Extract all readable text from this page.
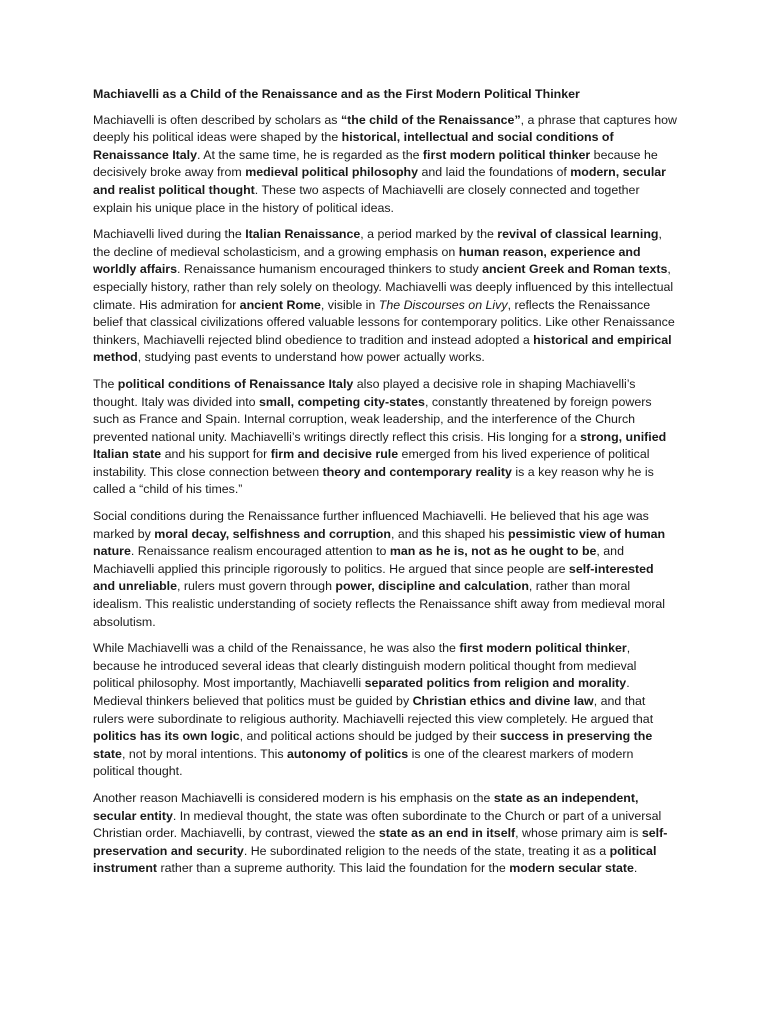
Machiavelli as a Child of the Renaissance and as the First Modern Political Thinker

Machiavelli is often described by scholars as “the child of the Renaissance”, a phrase that captures how deeply his political ideas were shaped by the historical, intellectual and social conditions of Renaissance Italy. At the same time, he is regarded as the first modern political thinker because he decisively broke away from medieval political philosophy and laid the foundations of modern, secular and realist political thought. These two aspects of Machiavelli are closely connected and together explain his unique place in the history of political ideas.

Machiavelli lived during the Italian Renaissance, a period marked by the revival of classical learning, the decline of medieval scholasticism, and a growing emphasis on human reason, experience and worldly affairs. Renaissance humanism encouraged thinkers to study ancient Greek and Roman texts, especially history, rather than rely solely on theology. Machiavelli was deeply influenced by this intellectual climate. His admiration for ancient Rome, visible in The Discourses on Livy, reflects the Renaissance belief that classical civilizations offered valuable lessons for contemporary politics. Like other Renaissance thinkers, Machiavelli rejected blind obedience to tradition and instead adopted a historical and empirical method, studying past events to understand how power actually works.

The political conditions of Renaissance Italy also played a decisive role in shaping Machiavelli’s thought. Italy was divided into small, competing city-states, constantly threatened by foreign powers such as France and Spain. Internal corruption, weak leadership, and the interference of the Church prevented national unity. Machiavelli’s writings directly reflect this crisis. His longing for a strong, unified Italian state and his support for firm and decisive rule emerged from his lived experience of political instability. This close connection between theory and contemporary reality is a key reason why he is called a “child of his times.”

Social conditions during the Renaissance further influenced Machiavelli. He believed that his age was marked by moral decay, selfishness and corruption, and this shaped his pessimistic view of human nature. Renaissance realism encouraged attention to man as he is, not as he ought to be, and Machiavelli applied this principle rigorously to politics. He argued that since people are self-interested and unreliable, rulers must govern through power, discipline and calculation, rather than moral idealism. This realistic understanding of society reflects the Renaissance shift away from medieval moral absolutism.

While Machiavelli was a child of the Renaissance, he was also the first modern political thinker, because he introduced several ideas that clearly distinguish modern political thought from medieval political philosophy. Most importantly, Machiavelli separated politics from religion and morality. Medieval thinkers believed that politics must be guided by Christian ethics and divine law, and that rulers were subordinate to religious authority. Machiavelli rejected this view completely. He argued that politics has its own logic, and political actions should be judged by their success in preserving the state, not by moral intentions. This autonomy of politics is one of the clearest markers of modern political thought.

Another reason Machiavelli is considered modern is his emphasis on the state as an independent, secular entity. In medieval thought, the state was often subordinate to the Church or part of a universal Christian order. Machiavelli, by contrast, viewed the state as an end in itself, whose primary aim is self-preservation and security. He subordinated religion to the needs of the state, treating it as a political instrument rather than a supreme authority. This laid the foundation for the modern secular state.
